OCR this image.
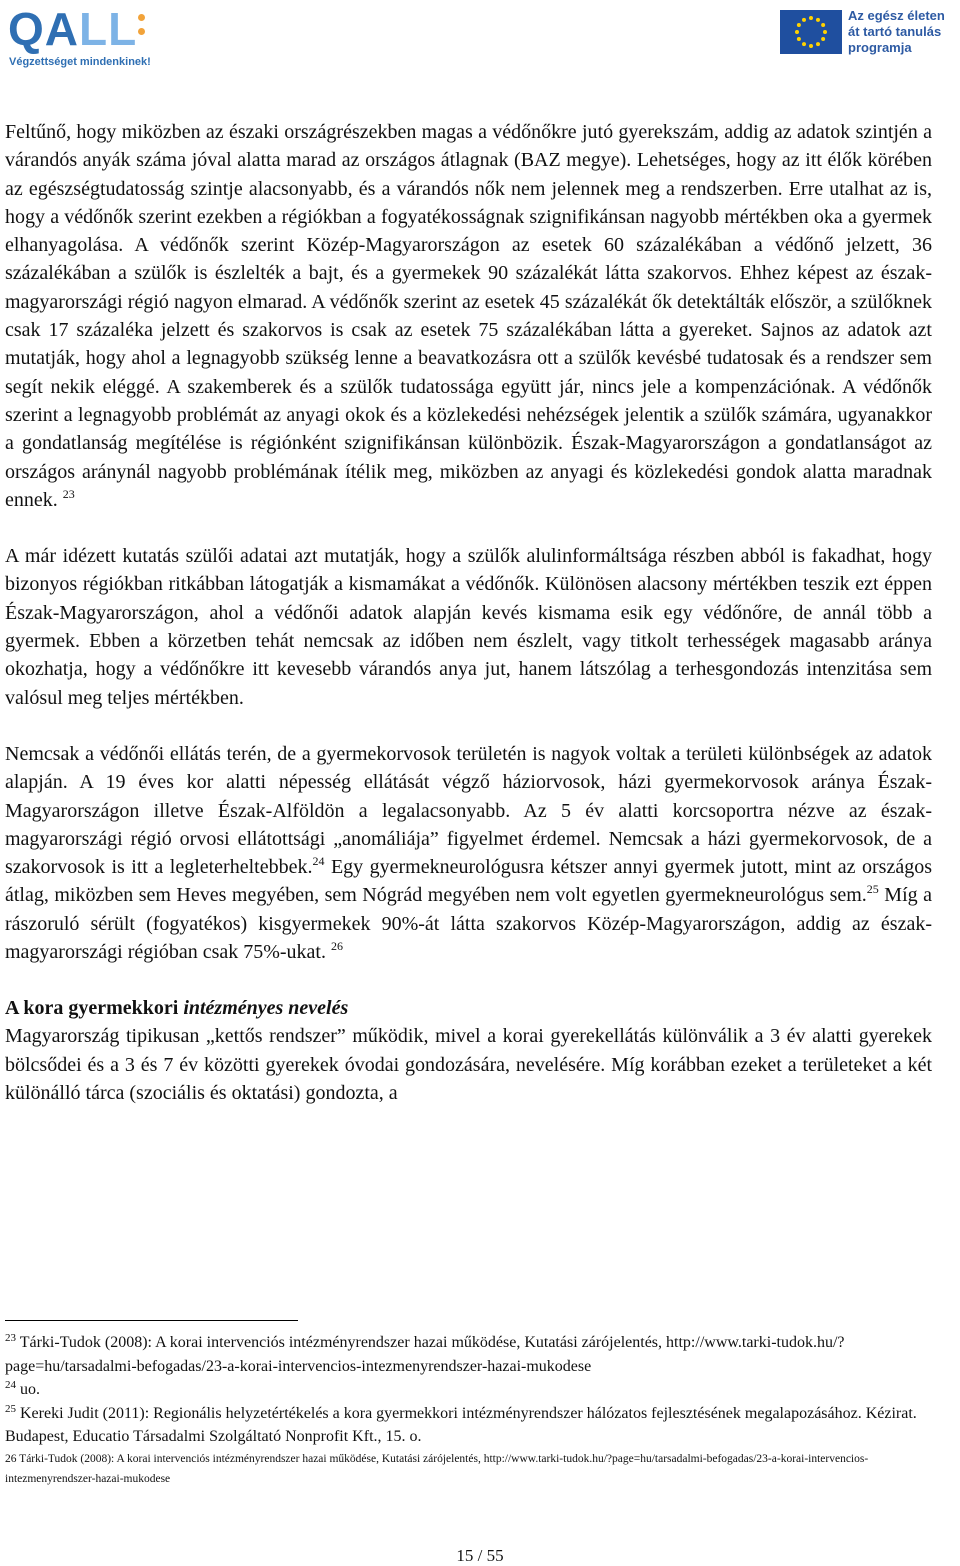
QALL
Végzettséget mindenkinek!
Az egész életen
át tartó tanulás
programja

Feltűnő, hogy miközben az északi országrészekben magas a védőnőkre jutó gyerekszám, addig az adatok szintjén a várandós anyák száma jóval alatta marad az országos átlagnak (BAZ megye). Lehetséges, hogy az itt élők körében az egészségtudatosság szintje alacsonyabb, és a várandós nők nem jelennek meg a rendszerben. Erre utalhat az is, hogy a védőnők szerint ezekben a régiókban a fogyatékosságnak szignifikánsan nagyobb mértékben oka a gyermek elhanyagolása. A védőnők szerint Közép-Magyarországon az esetek 60 százalékában a védőnő jelzett, 36 százalékában a szülők is észlelték a bajt, és a gyermekek 90 százalékát látta szakorvos. Ehhez képest az észak-magyarországi régió nagyon elmarad. A védőnők szerint az esetek 45 százalékát ők detektálták először, a szülőknek csak 17 százaléka jelzett és szakorvos is csak az esetek 75 százalékában látta a gyereket. Sajnos az adatok azt mutatják, hogy ahol a legnagyobb szükség lenne a beavatkozásra ott a szülők kevésbé tudatosak és a rendszer sem segít nekik eléggé. A szakemberek és a szülők tudatossága együtt jár, nincs jele a kompenzációnak. A védőnők szerint a legnagyobb problémát az anyagi okok és a közlekedési nehézségek jelentik a szülők számára, ugyanakkor a gondatlanság megítélése is régiónként szignifikánsan különbözik. Észak-Magyarországon a gondatlanságot az országos aránynál nagyobb problémának ítélik meg, miközben az anyagi és közlekedési gondok alatta maradnak ennek. $^{23}$

A már idézett kutatás szülői adatai azt mutatják, hogy a szülők alulinformáltsága részben abból is fakadhat, hogy bizonyos régiókban ritkábban látogatják a kismamákat a védőnők. Különösen alacsony mértékben teszik ezt éppen Észak-Magyarországon, ahol a védőnői adatok alapján kevés kismama esik egy védőnőre, de annál több a gyermek. Ebben a körzetben tehát nemcsak az időben nem észlelt, vagy titkolt terhességek magasabb aránya okozhatja, hogy a védőnőkre itt kevesebb várandós anya jut, hanem látszólag a terhesgondozás intenzitása sem valósul meg teljes mértékben.

Nemcsak a védőnői ellátás terén, de a gyermekorvosok területén is nagyok voltak a területi különbségek az adatok alapján. A 19 éves kor alatti népesség ellátását végző háziorvosok, házi gyermekorvosok aránya Észak-Magyarországon illetve Észak-Alföldön a legalacsonyabb. Az 5 év alatti korcsoportra nézve az észak-magyarországi régió orvosi ellátottsági „anomáliája” figyelmet érdemel. Nemcsak a házi gyermekorvosok, de a szakorvosok is itt a legleterheltebbek.$^{24}$ Egy gyermekneurológusra kétszer annyi gyermek jutott, mint az országos átlag, miközben sem Heves megyében, sem Nógrád megyében nem volt egyetlen gyermekneurológus sem.$^{25}$ Míg a rászoruló sérült (fogyatékos) kisgyermekek 90%-át látta szakorvos Közép-Magyarországon, addig az észak-magyarországi régióban csak 75%-ukat. $^{26}$

A kora gyermekkori intézményes nevelés

Magyarország tipikusan „kettős rendszer” működik, mivel a korai gyerekellátás különválik a 3 év alatti gyerekek bölcsődei és a 3 és 7 év közötti gyerekek óvodai gondozására, nevelésére. Míg korábban ezeket a területeket a két különálló tárca (szociális és oktatási) gondozta, a

$^{23}$ Tárki-Tudok (2008): A korai intervenciós intézményrendszer hazai működése, Kutatási zárójelentés, http://www.tarki-tudok.hu/?page=hu/tarsadalmi-befogadas/23-a-korai-intervencios-intezmenyrendszer-hazai-mukodese

$^{24}$ uo.

$^{25}$ Kereki Judit (2011): Regionális helyzetértékelés a kora gyermekkori intézményrendszer hálózatos fejlesztésének megalapozásához. Kézirat. Budapest, Educatio Társadalmi Szolgáltató Nonprofit Kft., 15. o.

26 Tárki-Tudok (2008): A korai intervenciós intézményrendszer hazai működése, Kutatási zárójelentés, http://www.tarki-tudok.hu/?page=hu/tarsadalmi-befogadas/23-a-korai-intervencios-intezmenyrendszer-hazai-mukodese

15 / 55
